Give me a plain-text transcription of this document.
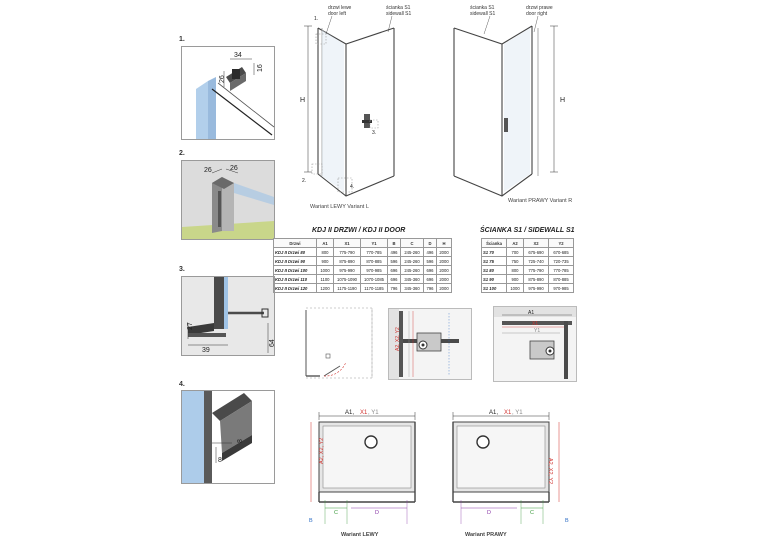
1.
2.
3.
4.
34
16
26
26	26
27
39
64
8
8
H
1.
2.
4.
3.
drzwi lewe
door left
ścianka S1
sidewall S1
Wariant LEWY Variant L
H
ścianka S1
sidewall S1
drzwi prawe
door right
Wariant PRAWY Variant R
KDJ II DRZWI / KDJ II DOOR
Drzwi	A1	X1	Y1	B	C	D	H
KDJ II Drzwi 80	800	775-790	770-785	496	245-260	496	2000
KDJ II Drzwi 90	900	875-890	870-885	596	245-260	596	2000
KDJ II Drzwi 100	1000	975-990	970-985	696	245-260	696	2000
KDJ II Drzwi 110	1100	1075-1090	1070-1085	696	345-360	696	2000
KDJ II Drzwi 120	1200	1175-1190	1170-1185	796	345-360	796	2000
ŚCIANKA S1 / SIDEWALL S1
Ścianka	A2	X2	Y2
S1 70	700	675-690	670-685
S1 75	750	725-740	720-735
S1 80	800	775-790	770-785
S1 90	900	875-890	870-885
S1 100	1000	975-990	970-985
A2, X2, Y2
A1
X1
Y1
A1, X1 , Y1
A2, X2, Y2
C	D
B
Wariant LEWY
A1, X1 , Y1
A2, X2, Y2
D	C
B
Wariant PRAWY
